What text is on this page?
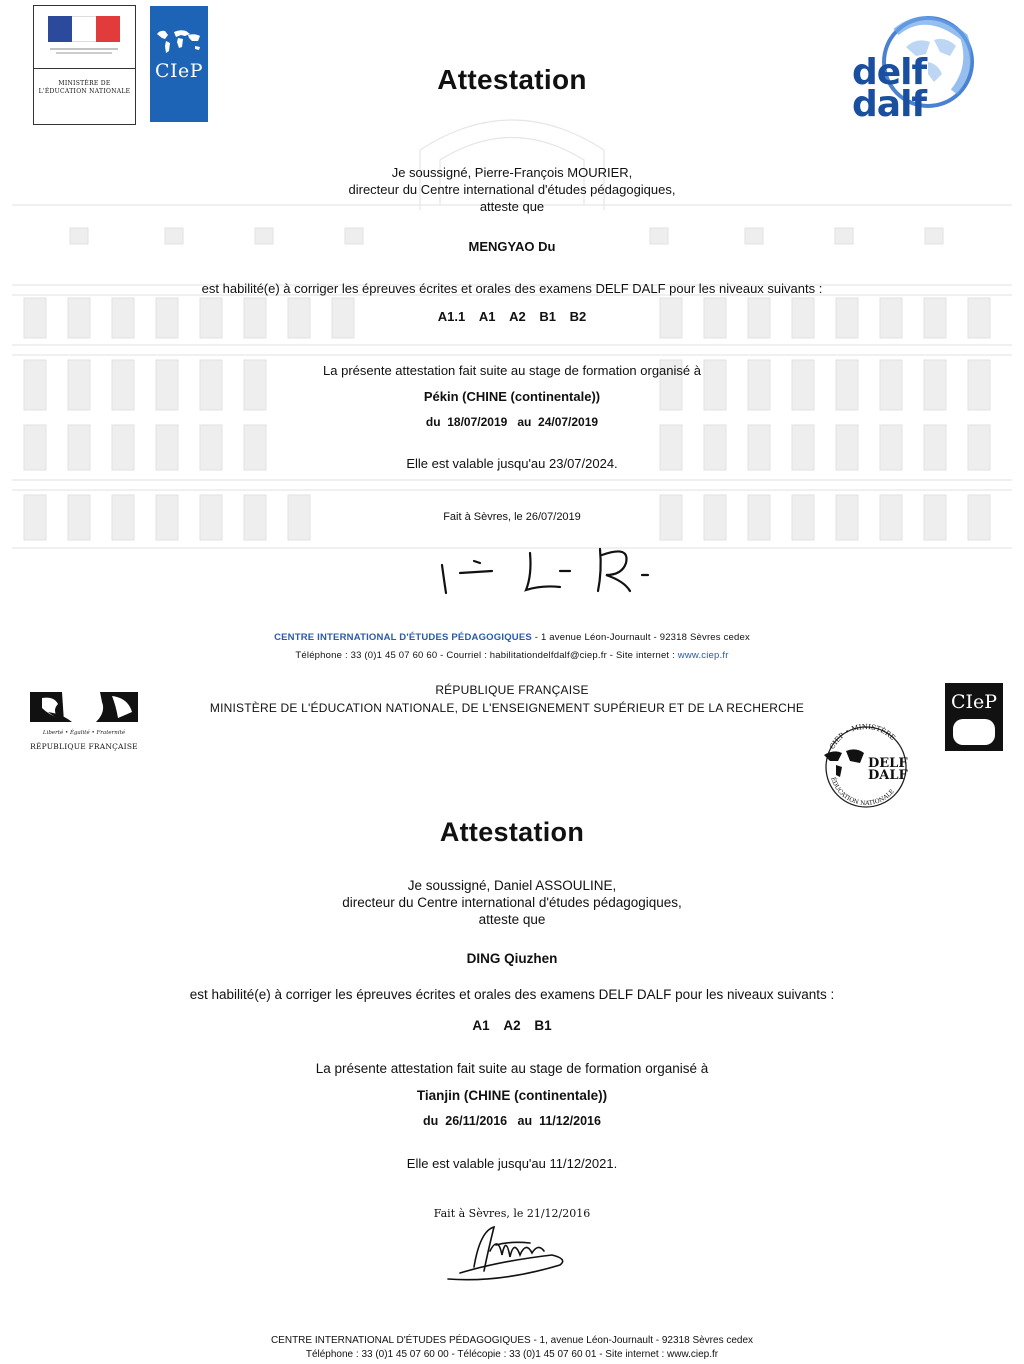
MINISTÈRE DE L'ÉDUCATION NATIONALE
CIeP	delf
dalf
Attestation
Je soussigné, Pierre-François MOURIER,
directeur du Centre international d'études pédagogiques,
atteste que
MENGYAO Du
est habilité(e) à corriger les épreuves écrites et orales des examens DELF DALF pour les niveaux suivants :
A1.1 A1 A2 B1 B2
La présente attestation fait suite au stage de formation organisé à
Pékin (CHINE (continentale))
du 18/07/2019 au 24/07/2019
Elle est valable jusqu'au 23/07/2024.
Fait à Sèvres, le 26/07/2019
CENTRE INTERNATIONAL D'ÉTUDES PÉDAGOGIQUES - 1 avenue Léon-Journault - 92318 Sèvres cedex
Téléphone : 33 (0)1 45 07 60 60 - Courriel : habilitationdelfdalf@ciep.fr - Site internet : www.ciep.fr
Liberté • Égalité • Fraternité
RÉPUBLIQUE FRANÇAISE
RÉPUBLIQUE FRANÇAISE
MINISTÈRE DE L'ÉDUCATION NATIONALE, DE L'ENSEIGNEMENT SUPÉRIEUR ET DE LA RECHERCHE	CIeP
CIEP • MINISTÈRE
ÉDUCATION NATIONALE
DELF
DALF
Attestation
Je soussigné, Daniel ASSOULINE,
directeur du Centre international d'études pédagogiques,
atteste que
DING Qiuzhen
est habilité(e) à corriger les épreuves écrites et orales des examens DELF DALF pour les niveaux suivants :
A1 A2 B1
La présente attestation fait suite au stage de formation organisé à
Tianjin (CHINE (continentale))
du 26/11/2016 au 11/12/2016
Elle est valable jusqu'au 11/12/2021.
Fait à Sèvres, le 21/12/2016
CENTRE INTERNATIONAL D'ÉTUDES PÉDAGOGIQUES - 1, avenue Léon-Journault - 92318 Sèvres cedex
Téléphone : 33 (0)1 45 07 60 00 - Télécopie : 33 (0)1 45 07 60 01 - Site internet : www.ciep.fr
